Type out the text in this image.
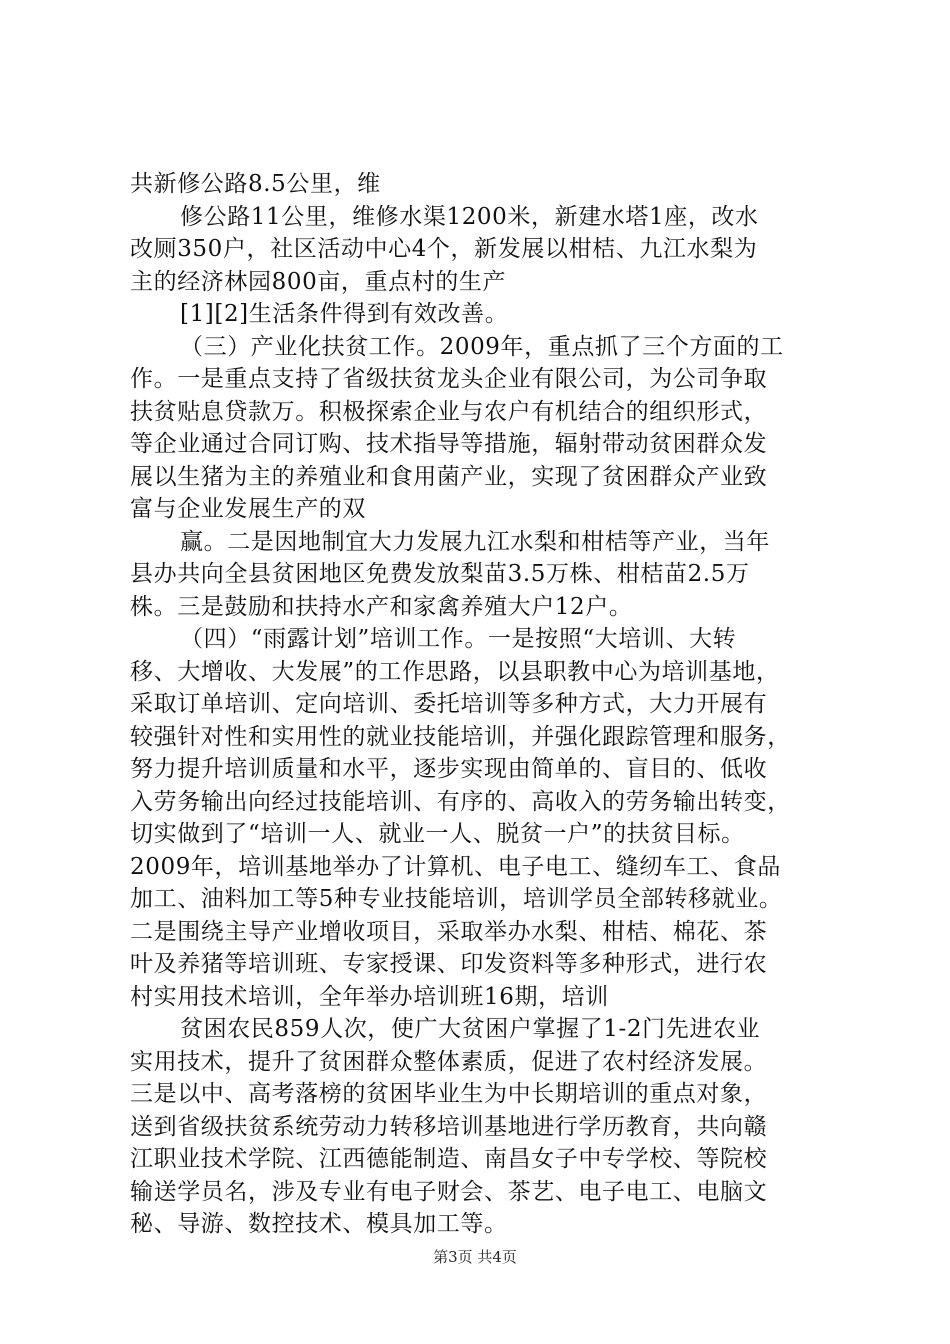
共新修公路8.5公里，维
修公路11公里，维修水渠1200米，新建水塔1座，改水
改厕350户，社区活动中心4个，新发展以柑桔、九江水梨为
主的经济林园800亩，重点村的生产
[1][2]生活条件得到有效改善。
（三）产业化扶贫工作。2009年，重点抓了三个方面的工
作。一是重点支持了省级扶贫龙头企业有限公司，为公司争取
扶贫贴息贷款万。积极探索企业与农户有机结合的组织形式，
等企业通过合同订购、技术指导等措施，辐射带动贫困群众发
展以生猪为主的养殖业和食用菌产业，实现了贫困群众产业致
富与企业发展生产的双
赢。二是因地制宜大力发展九江水梨和柑桔等产业，当年
县办共向全县贫困地区免费发放梨苗3.5万株、柑桔苗2.5万
株。三是鼓励和扶持水产和家禽养殖大户12户。
（四）“雨露计划”培训工作。一是按照“大培训、大转
移、大增收、大发展”的工作思路，以县职教中心为培训基地，
采取订单培训、定向培训、委托培训等多种方式，大力开展有
较强针对性和实用性的就业技能培训，并强化跟踪管理和服务，
努力提升培训质量和水平，逐步实现由简单的、盲目的、低收
入劳务输出向经过技能培训、有序的、高收入的劳务输出转变，
切实做到了“培训一人、就业一人、脱贫一户”的扶贫目标。
2009年，培训基地举办了计算机、电子电工、缝纫车工、食品
加工、油料加工等5种专业技能培训，培训学员全部转移就业。
二是围绕主导产业增收项目，采取举办水梨、柑桔、棉花、茶
叶及养猪等培训班、专家授课、印发资料等多种形式，进行农
村实用技术培训，全年举办培训班16期，培训
贫困农民859人次，使广大贫困户掌握了1-2门先进农业
实用技术，提升了贫困群众整体素质，促进了农村经济发展。
三是以中、高考落榜的贫困毕业生为中长期培训的重点对象，
送到省级扶贫系统劳动力转移培训基地进行学历教育，共向赣
江职业技术学院、江西德能制造、南昌女子中专学校、等院校
输送学员名，涉及专业有电子财会、茶艺、电子电工、电脑文
秘、导游、数控技术、模具加工等。
第3页 共4页
